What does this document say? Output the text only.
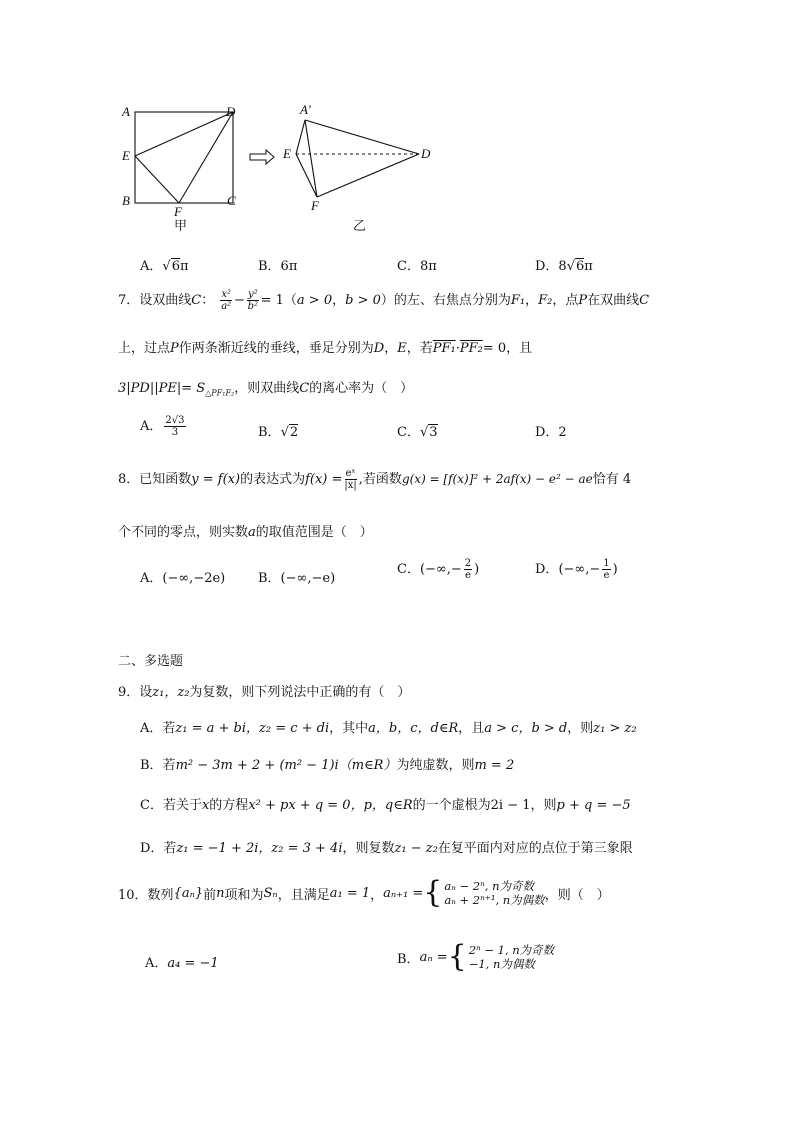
A	D
E
B
F
C
甲
A′
E	D
F
乙
A．√6π	B．6π	C．8π	D．8√6π
7．设双曲线C： $\frac{\text{x²}}{\text{a²}} - \frac{\text{y²}}{\text{b²}} = 1(a > 0$，b > 0）的左、右焦点分别为F₁，F₂，点P在双曲线C
上，过点P作两条渐近线的垂线，垂足分别为D，E，若PF₁·PF₂= 0，且
$3|PD||PE|= S_{\triangle PF_1F_2}$，则双曲线C的离心率为（　）
A． $\frac{2√3}{3}$	B．√2	C．√3	D．2
8．已知函数y = f(x)的表达式为$f(x) = \frac{\text{eˣ}}{|x|}$ ,若函数g(x) = [f(x)]² + 2af(x) − e² − ae恰有 4
个不同的零点，则实数a的取值范围是（　）
A．(−∞,−2e)	B．(−∞,−e)
C．(−∞,− $\frac{2}{e}$ )	D．(−∞,− $\frac{1}{e}$ )
二、多选题
9．设z₁，z₂为复数，则下列说法中正确的有（　）
A．若z₁ = a + bi，z₂ = c + di，其中a，b，c，d∈R，且a > c，b > d，则z₁ > z₂
B．若m² − 3m + 2 + (m² − 1)i（m∈R）为纯虚数，则m = 2
C．若关于x的方程x² + px + q = 0，p，q∈R的一个虚根为2i − 1，则p + q = −5
D．若z₁ = −1 + 2i，z₂ = 3 + 4i，则复数z₁ − z₂在复平面内对应的点位于第三象限
10．数列 {aₙ} 前 n 项和为 Sₙ ，且满足 a₁ = 1 ， aₙ₊₁ = { aₙ − 2ⁿ, n为奇数
aₙ + 2ⁿ⁺¹, n为偶数 ，则（　）
A．a₄ = −1	B． aₙ = { 2ⁿ − 1, n为奇数
−1, n为偶数
